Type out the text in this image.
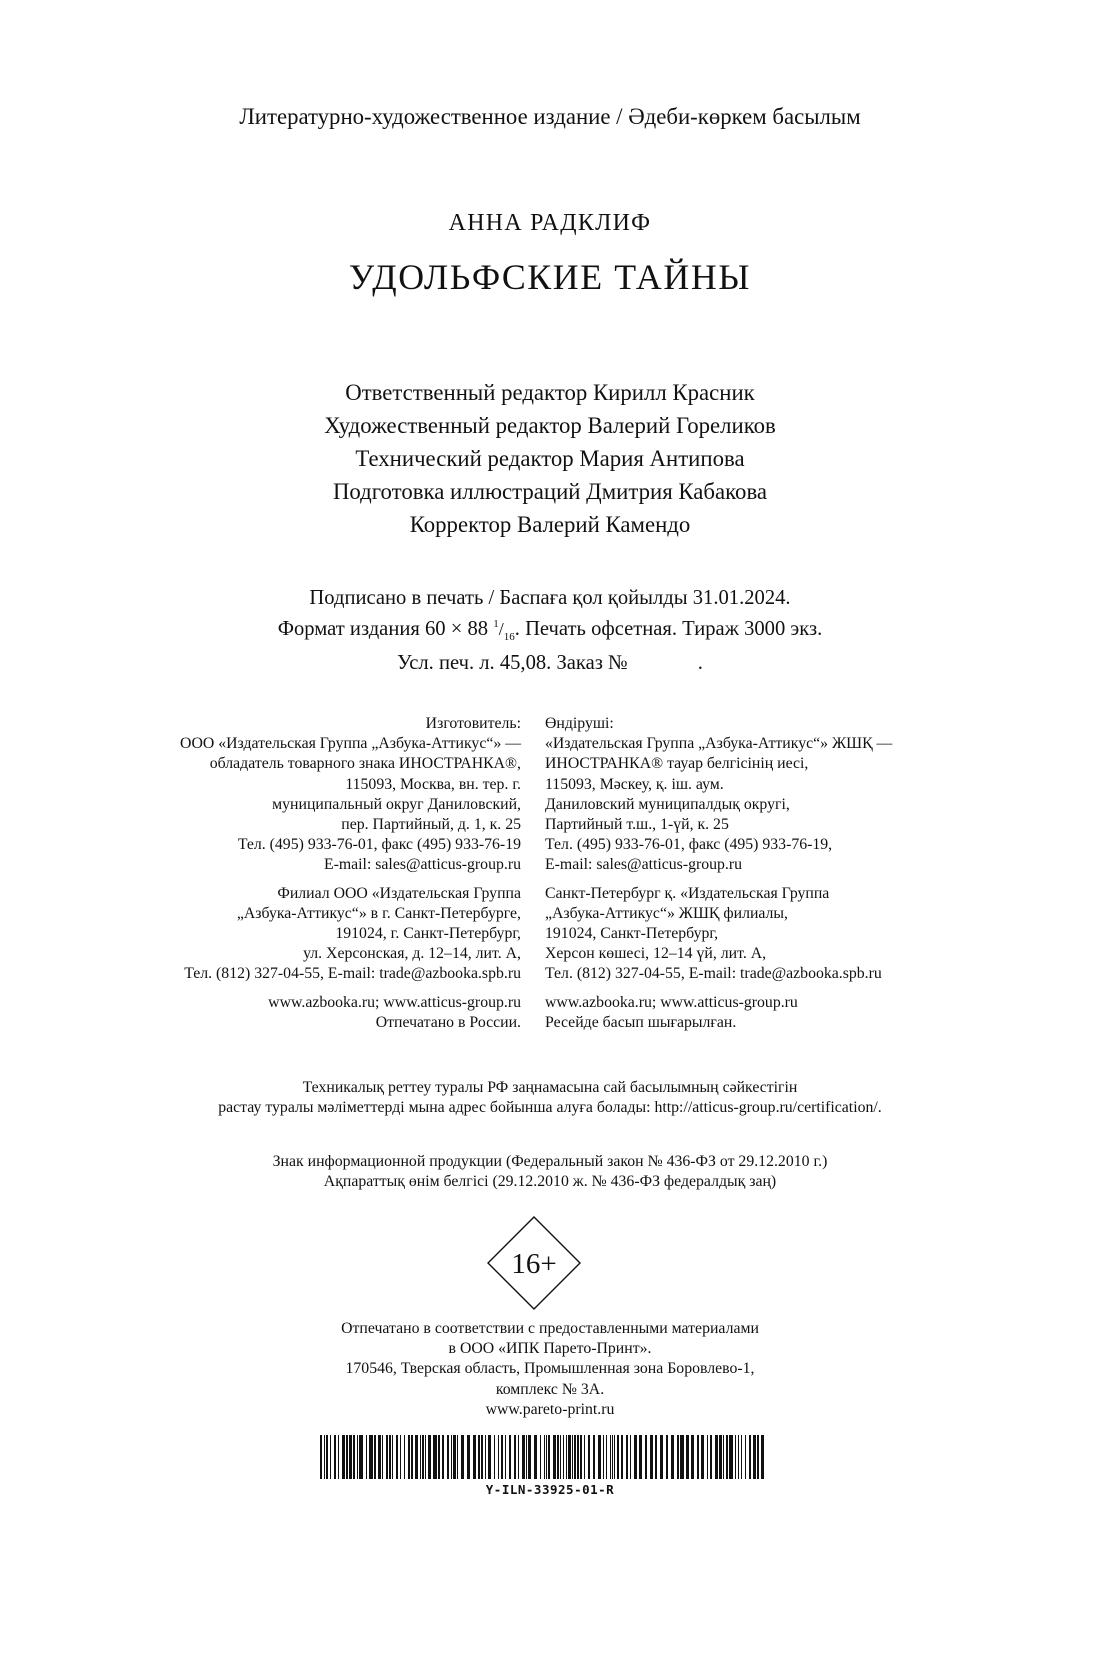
Литературно-художественное издание / Әдеби-көркем басылым
АННА РАДКЛИФ
УДОЛЬФСКИЕ ТАЙНЫ
Ответственный редактор Кирилл Красник
Художественный редактор Валерий Гореликов
Технический редактор Мария Антипова
Подготовка иллюстраций Дмитрия Кабакова
Корректор Валерий Камендо
Подписано в печать / Баспаға қол қойылды 31.01.2024.
Формат издания 60 × 88 $^1/_{16}$. Печать офсетная. Тираж 3000 экз.
Усл. печ. л. 45,08. Заказ №	.
Изготовитель:
ООО «Издательская Группа „Азбука-Аттикус“» —
обладатель товарного знака ИНОСТРАНКА®,
115093, Москва, вн. тер. г.
муниципальный округ Даниловский,
пер. Партийный, д. 1, к. 25
Тел. (495) 933-76-01, факс (495) 933-76-19
E-mail: sales@atticus-group.ru
Филиал ООО «Издательская Группа
„Азбука-Аттикус“» в г. Санкт-Петербурге,
191024, г. Санкт-Петербург,
ул. Херсонская, д. 12–14, лит. А,
Тел. (812) 327-04-55, E-mail: trade@azbooka.spb.ru
www.azbooka.ru; www.atticus-group.ru
Отпечатано в России.
Өндіруші:
«Издательская Группа „Азбука-Аттикус“» ЖШҚ —
ИНОСТРАНКА® тауар белгісінің иесі,
115093, Мәскеу, қ. іш. аум.
Даниловский муниципалдық округі,
Партийный т.ш., 1-үй, к. 25
Тел. (495) 933-76-01, факс (495) 933-76-19,
E-mail: sales@atticus-group.ru
Санкт-Петербург қ. «Издательская Группа
„Азбука-Аттикус“» ЖШҚ филиалы,
191024, Санкт-Петербург,
Херсон көшесі, 12–14 үй, лит. А,
Тел. (812) 327-04-55, E-mail: trade@azbooka.spb.ru
www.azbooka.ru; www.atticus-group.ru
Ресейде басып шығарылған.
Техникалық реттеу туралы РФ заңнамасына сай басылымның сәйкестігін
растау туралы мәліметтерді мына адрес бойынша алуға болады: http://atticus-group.ru/certification/.
Знак информационной продукции (Федеральный закон № 436-ФЗ от 29.12.2010 г.)
Ақпараттық өнім белгісі (29.12.2010 ж. № 436-ФЗ федералдық заң)
16+
Отпечатано в соответствии с предоставленными материалами
в ООО «ИПК Парето-Принт».
170546, Тверская область, Промышленная зона Боровлево-1,
комплекс № 3А.
www.pareto-print.ru
Y-ILN-33925-01-R
